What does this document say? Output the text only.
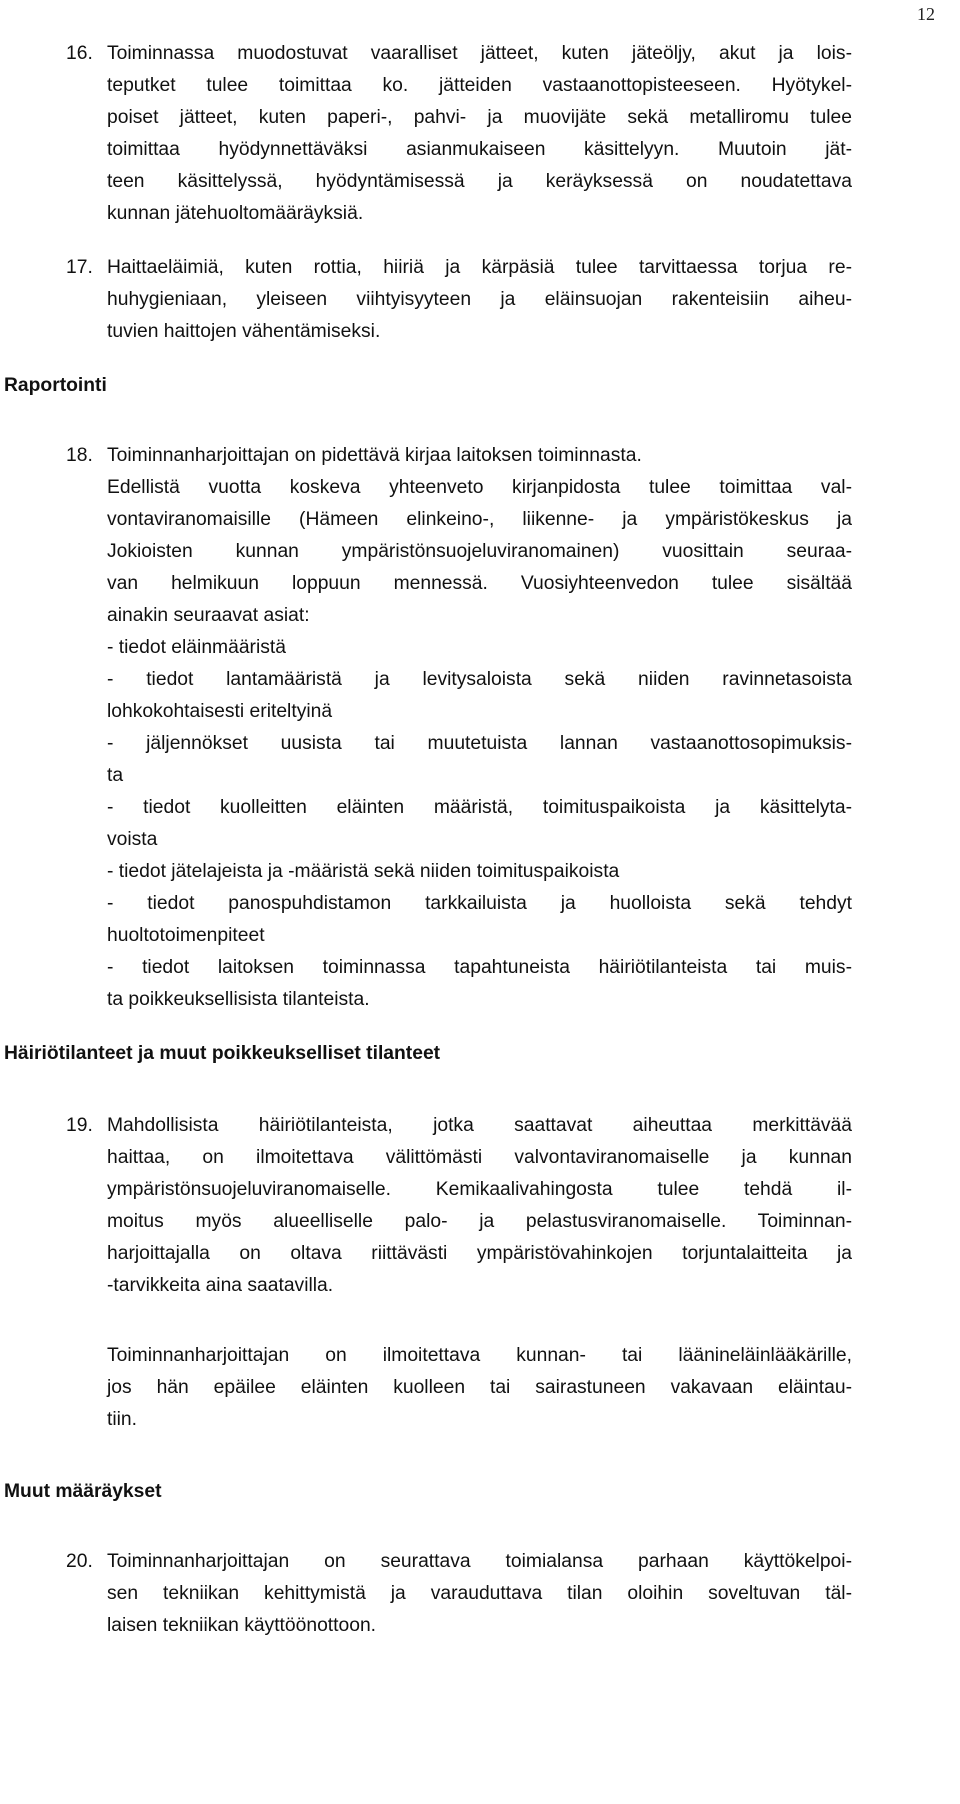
12
16. Toiminnassa muodostuvat vaaralliset jätteet, kuten jäteöljy, akut ja lois-
teputket tulee toimittaa ko. jätteiden vastaanottopisteeseen. Hyötykel-
poiset jätteet, kuten paperi-, pahvi- ja muovijäte sekä metalliromu tulee
toimittaa hyödynnettäväksi asianmukaiseen käsittelyyn. Muutoin jät-
teen käsittelyssä, hyödyntämisessä ja keräyksessä on noudatettava
kunnan jätehuoltomääräyksiä.
17. Haittaeläimiä, kuten rottia, hiiriä ja kärpäsiä tulee tarvittaessa torjua re-
huhygieniaan, yleiseen viihtyisyyteen ja eläinsuojan rakenteisiin aiheu-
tuvien haittojen vähentämiseksi.
Raportointi
18. Toiminnanharjoittajan on pidettävä kirjaa laitoksen toiminnasta.
Edellistä vuotta koskeva yhteenveto kirjanpidosta tulee toimittaa val-
vontaviranomaisille (Hämeen elinkeino-, liikenne- ja ympäristökeskus ja
Jokioisten kunnan ympäristönsuojeluviranomainen) vuosittain seuraa-
van helmikuun loppuun mennessä. Vuosiyhteenvedon tulee sisältää
ainakin seuraavat asiat:
- tiedot eläinmääristä
- tiedot lantamääristä ja levitysaloista sekä niiden ravinnetasoista
lohkokohtaisesti eriteltyinä
- jäljennökset uusista tai muutetuista lannan vastaanottosopimuksis-
ta
- tiedot kuolleitten eläinten määristä, toimituspaikoista ja käsittelyta-
voista
- tiedot jätelajeista ja -määristä sekä niiden toimituspaikoista
- tiedot panospuhdistamon tarkkailuista ja huolloista sekä tehdyt
huoltotoimenpiteet
- tiedot laitoksen toiminnassa tapahtuneista häiriötilanteista tai muis-
ta poikkeuksellisista tilanteista.
Häiriötilanteet ja muut poikkeukselliset tilanteet
19. Mahdollisista häiriötilanteista, jotka saattavat aiheuttaa merkittävää
haittaa, on ilmoitettava välittömästi valvontaviranomaiselle ja kunnan
ympäristönsuojeluviranomaiselle. Kemikaalivahingosta tulee tehdä il-
moitus myös alueelliselle palo- ja pelastusviranomaiselle. Toiminnan-
harjoittajalla on oltava riittävästi ympäristövahinkojen torjuntalaitteita ja
-tarvikkeita aina saatavilla.
Toiminnanharjoittajan on ilmoitettava kunnan- tai läänineläinlääkärille,
jos hän epäilee eläinten kuolleen tai sairastuneen vakavaan eläintau-
tiin.
Muut määräykset
20. Toiminnanharjoittajan on seurattava toimialansa parhaan käyttökelpoi-
sen tekniikan kehittymistä ja varauduttava tilan oloihin soveltuvan täl-
laisen tekniikan käyttöönottoon.
